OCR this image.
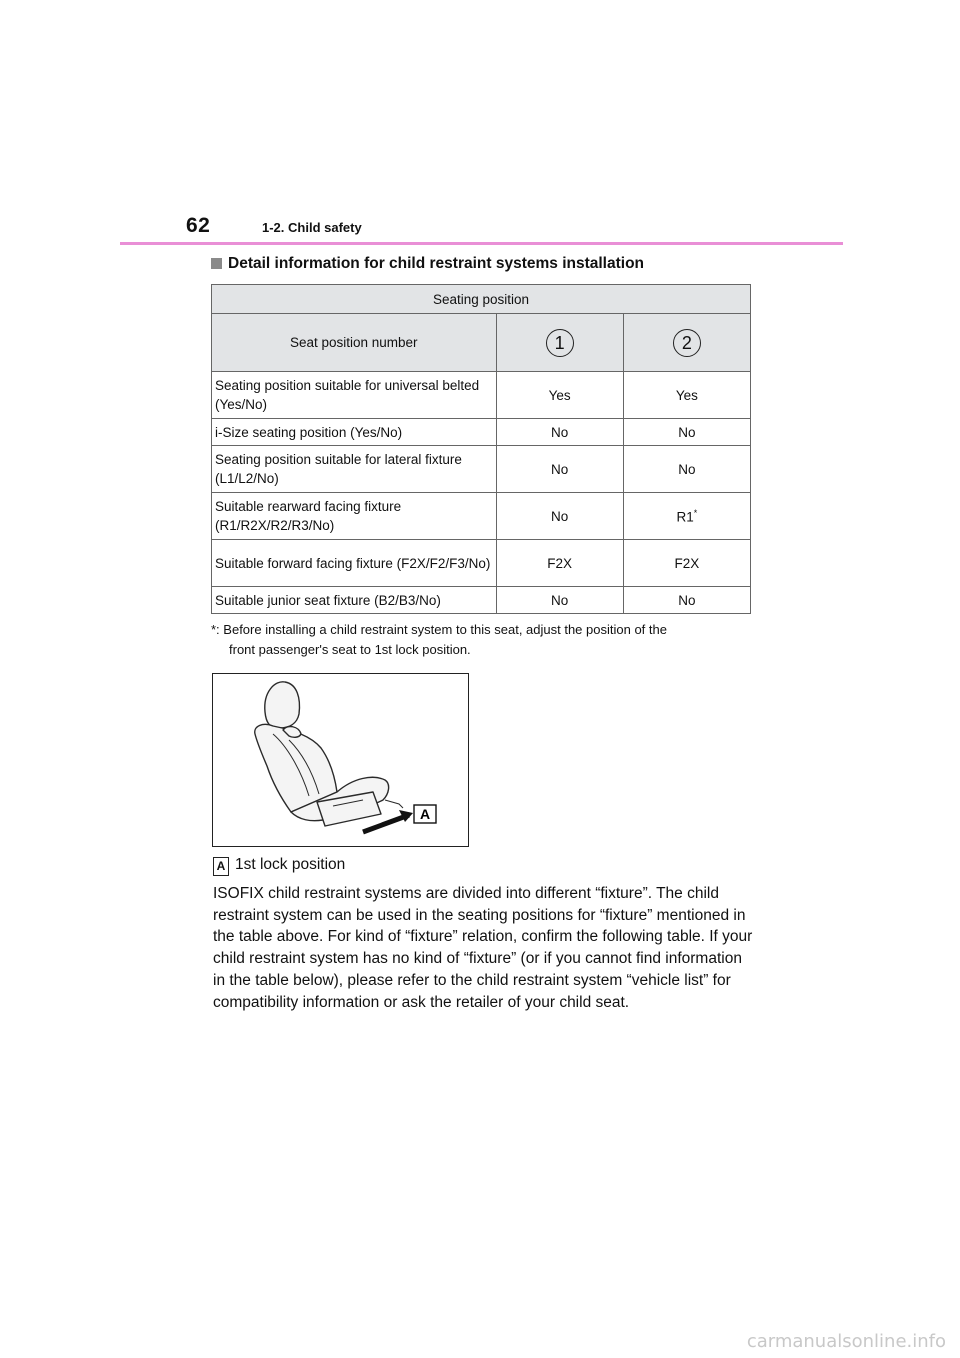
62	1-2. Child safety
Detail information for child restraint systems installation
Seating position		
Seat position number	1	2
Seating position suitable for universal belted (Yes/No)	Yes	Yes
i-Size seating position (Yes/No)	No	No
Seating position suitable for lateral fixture (L1/L2/No)	No	No
Suitable rearward facing fixture (R1/R2X/R2/R3/No)	No	R1*
Suitable forward facing fixture (F2X/F2/F3/No)	F2X	F2X
Suitable junior seat fixture (B2/B3/No)	No	No
*: Before installing a child restraint system to this seat, adjust the position of the
front passenger's seat to 1st lock position.
A
A 1st lock position

ISOFIX child restraint systems are divided into different “fixture”. The child restraint system can be used in the seating positions for “fixture” mentioned in the table above. For kind of “fixture” relation, confirm the following table. If your child restraint system has no kind of “fixture” (or if you cannot find information in the table below), please refer to the child restraint system “vehicle list” for compatibility information or ask the retailer of your child seat.

carmanualsonline.info
